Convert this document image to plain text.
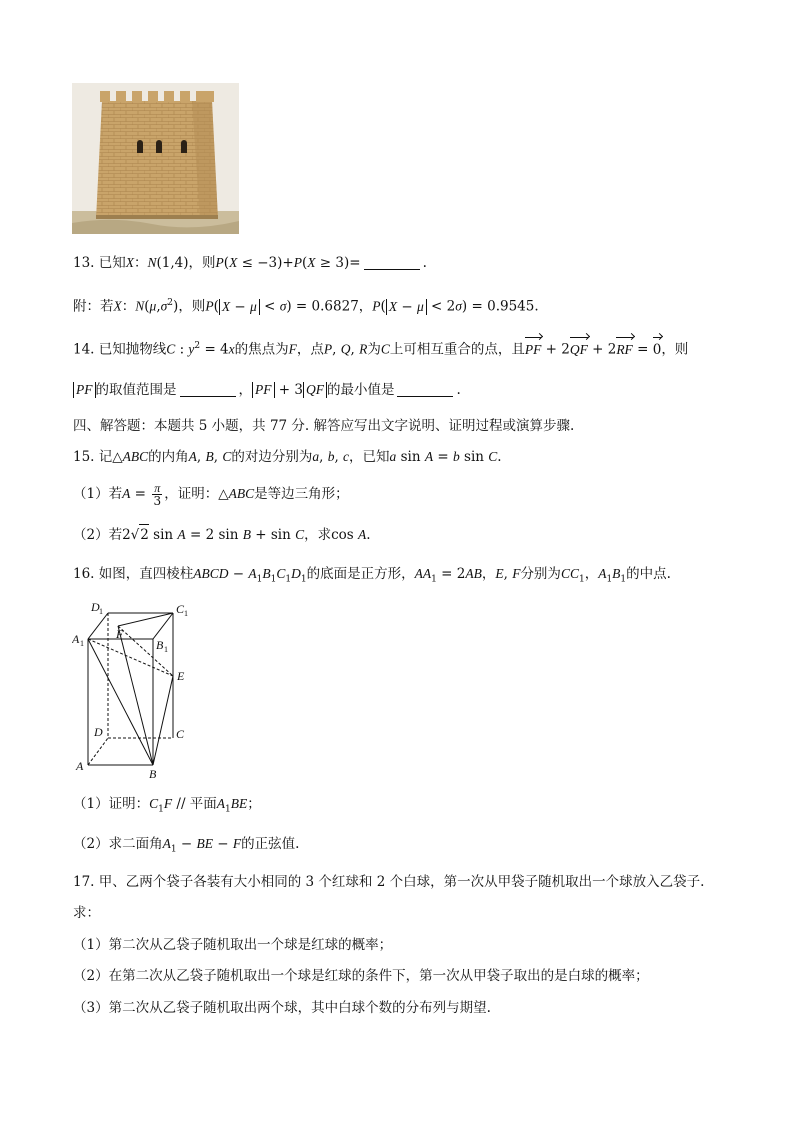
13. 已知X：N(1,4)，则P(X ≤ −3)+P(X ≥ 3)=	.
附：若X：$N(\mu,\sigma^2)$，则P( X − μ < σ) = 0.6827，P( X − μ < 2σ) = 0.9545.
14. 已知抛物线C : $y^2 = 4x$的焦点为F，点P, Q, R为C上可相互重合的点，且PF + 2QF + 2RF = 0，则
PF 的取值范围是	， PF + 3 QF 的最小值是	.
四、解答题：本题共 5 小题，共 77 分. 解答应写出文字说明、证明过程或演算步骤.
15. 记△ABC的内角A, B, C的对边分别为a, b, c，已知a sin A = b sin C.
（1）若$A = \frac{\pi}{3}$ ，证明：△ABC是等边三角形；
（2）若2√2 sin A = 2 sin B + sin C，求cos A.
16. 如图，直四棱柱ABCD − $A_1B_1C_1D_1$的底面是正方形，$AA_1 = 2AB$，E, F分别为$CC_1$，$A_1B_1$的中点.
D 1	C 1
A 1	B 1
F
E
D	C
A
B
（1）证明：$C_1F$ // 平面$A_1BE$；
（2）求二面角$A_1$ − BE − F的正弦值.
17. 甲、乙两个袋子各装有大小相同的 3 个红球和 2 个白球，第一次从甲袋子随机取出一个球放入乙袋子.
求：
（1）第二次从乙袋子随机取出一个球是红球的概率；
（2）在第二次从乙袋子随机取出一个球是红球的条件下，第一次从甲袋子取出的是白球的概率；
（3）第二次从乙袋子随机取出两个球，其中白球个数的分布列与期望.
